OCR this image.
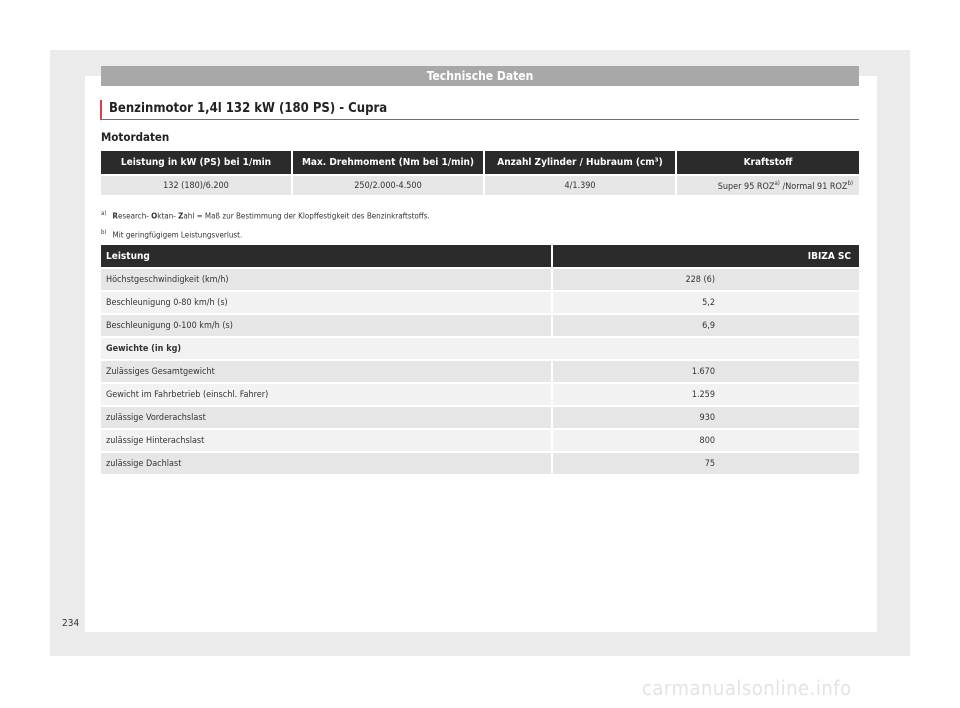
Technische Daten
Benzinmotor 1,4l 132 kW (180 PS) - Cupra
Motordaten
Leistung in kW (PS) bei 1/min	Max. Drehmoment (Nm bei 1/min)	Anzahl Zylinder / Hubraum (cm³)	Kraftstoff
132 (180)/6.200	250/2.000-4.500	4/1.390	Super 95 ROZ$^{a)}$ /Normal 91 ROZ$^{b)}$
$^{a)}$ Research- Oktan- Zahl = Maß zur Bestimmung der Klopffestigkeit des Benzinkraftstoffs.
$^{b)}$ Mit geringfügigem Leistungsverlust.
Leistung	IBIZA SC
Höchstgeschwindigkeit (km/h)	228 (6)
Beschleunigung 0-80 km/h (s)	5,2
Beschleunigung 0-100 km/h (s)	6,9
Gewichte (in kg)	
Zulässiges Gesamtgewicht	1.670
Gewicht im Fahrbetrieb (einschl. Fahrer)	1.259
zulässige Vorderachslast	930
zulässige Hinterachslast	800
zulässige Dachlast	75
234
carmanualsonline.info
